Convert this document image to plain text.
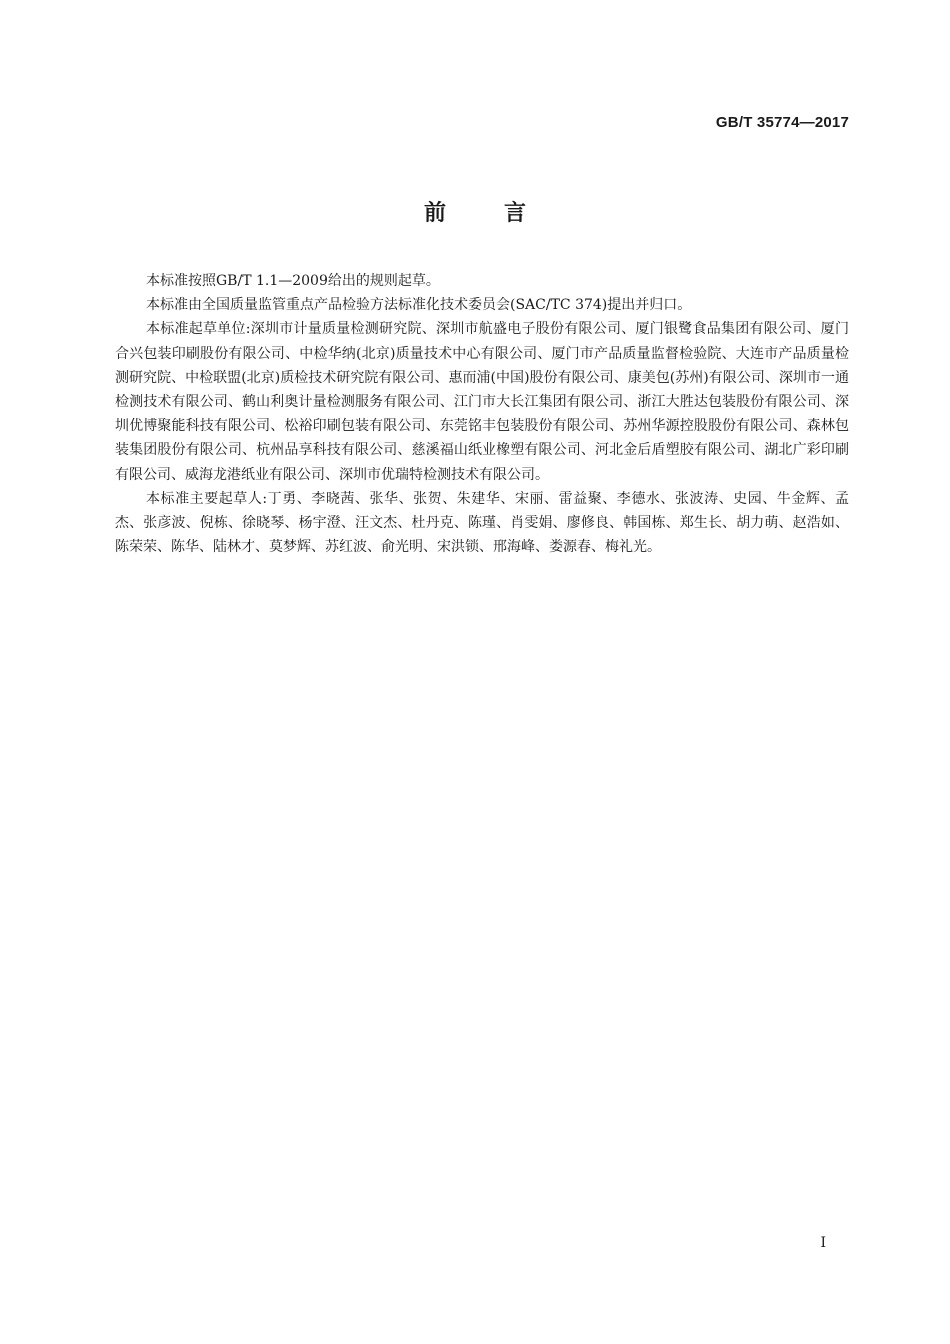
GB/T 35774—2017
前言

本标准按照GB/T 1.1—2009给出的规则起草。

本标准由全国质量监管重点产品检验方法标准化技术委员会(SAC/TC 374)提出并归口。

本标准起草单位:深圳市计量质量检测研究院、深圳市航盛电子股份有限公司、厦门银鹭食品集团有限公司、厦门合兴包装印刷股份有限公司、中检华纳(北京)质量技术中心有限公司、厦门市产品质量监督检验院、大连市产品质量检测研究院、中检联盟(北京)质检技术研究院有限公司、惠而浦(中国)股份有限公司、康美包(苏州)有限公司、深圳市一通检测技术有限公司、鹤山利奥计量检测服务有限公司、江门市大长江集团有限公司、浙江大胜达包装股份有限公司、深圳优博聚能科技有限公司、松裕印刷包装有限公司、东莞铭丰包装股份有限公司、苏州华源控股股份有限公司、森林包装集团股份有限公司、杭州品享科技有限公司、慈溪福山纸业橡塑有限公司、河北金后盾塑胶有限公司、湖北广彩印刷有限公司、威海龙港纸业有限公司、深圳市优瑞特检测技术有限公司。

本标准主要起草人:丁勇、李晓茜、张华、张贺、朱建华、宋丽、雷益聚、李德水、张波涛、史园、牛金辉、孟杰、张彦波、倪栋、徐晓琴、杨宇澄、汪文杰、杜丹克、陈瑾、肖雯娟、廖修良、韩国栋、郑生长、胡力萌、赵浩如、陈荣荣、陈华、陆林才、莫梦辉、苏红波、俞光明、宋洪锁、邢海峰、娄源春、梅礼光。

I
